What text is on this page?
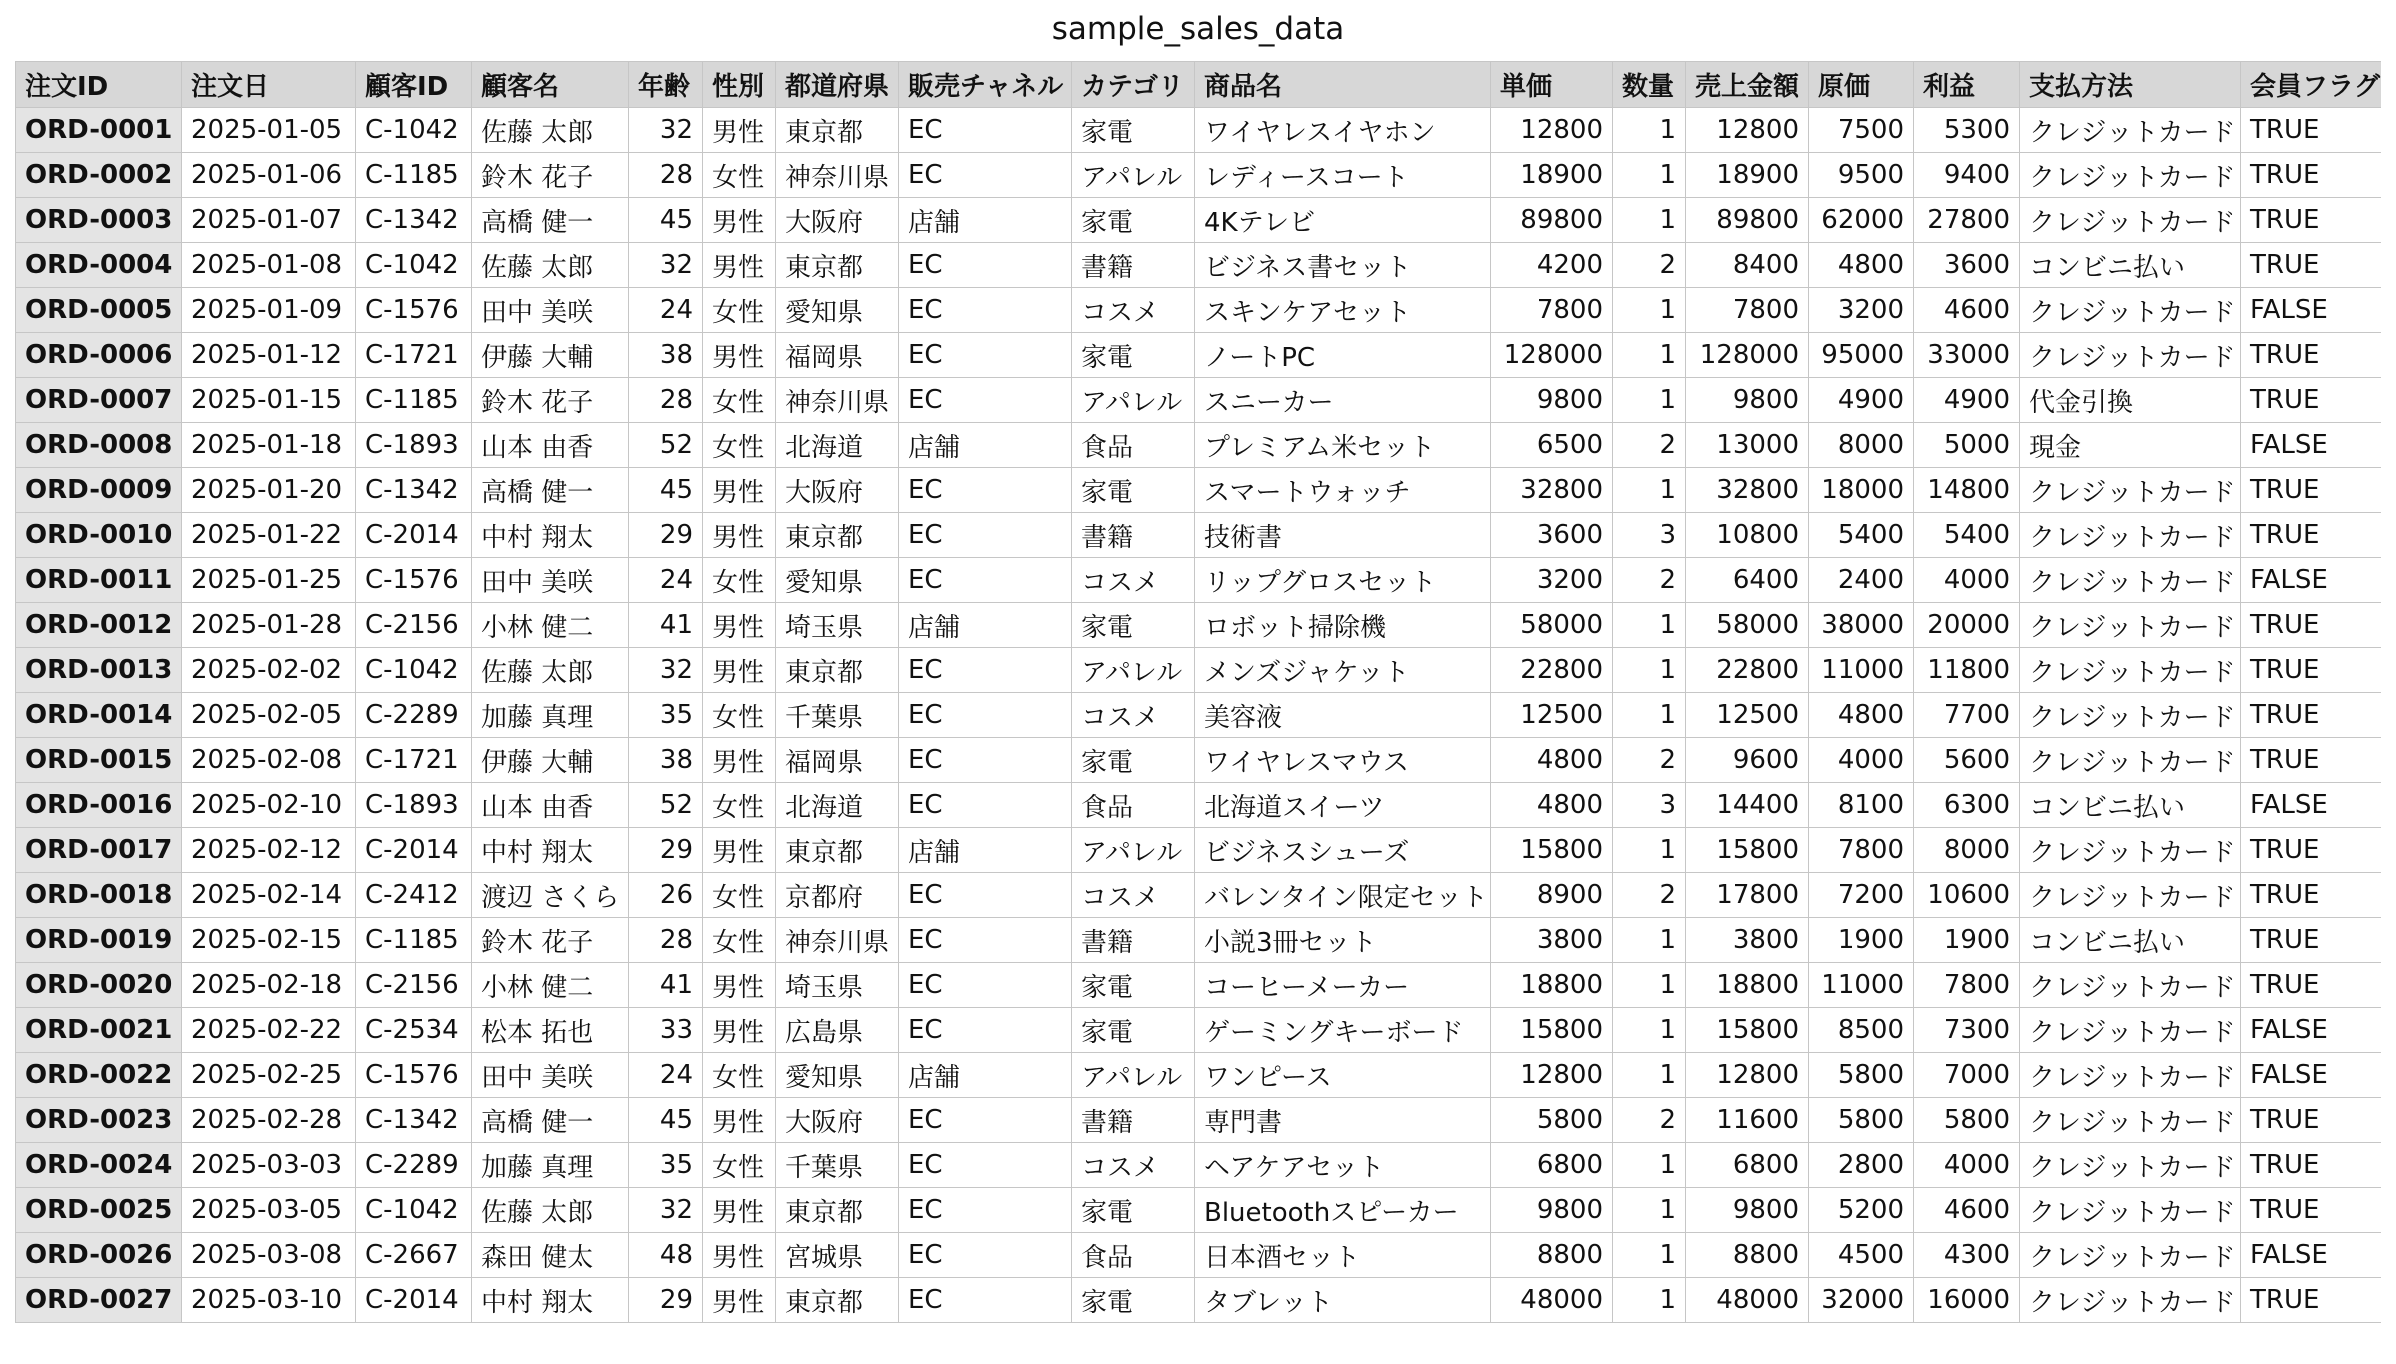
sample_sales_data
注文ID	注文日	顧客ID	顧客名	年齢	性別	都道府県	販売チャネル	カテゴリ	商品名	単価	数量	売上金額	原価	利益	支払方法	会員フラグ
ORD-0001	2025-01-05	C-1042	佐藤 太郎	32	男性	東京都	EC	家電	ワイヤレスイヤホン	12800	1	12800	7500	5300	クレジットカード	TRUE
ORD-0002	2025-01-06	C-1185	鈴木 花子	28	女性	神奈川県	EC	アパレル	レディースコート	18900	1	18900	9500	9400	クレジットカード	TRUE
ORD-0003	2025-01-07	C-1342	高橋 健一	45	男性	大阪府	店舗	家電	4Kテレビ	89800	1	89800	62000	27800	クレジットカード	TRUE
ORD-0004	2025-01-08	C-1042	佐藤 太郎	32	男性	東京都	EC	書籍	ビジネス書セット	4200	2	8400	4800	3600	コンビニ払い	TRUE
ORD-0005	2025-01-09	C-1576	田中 美咲	24	女性	愛知県	EC	コスメ	スキンケアセット	7800	1	7800	3200	4600	クレジットカード	FALSE
ORD-0006	2025-01-12	C-1721	伊藤 大輔	38	男性	福岡県	EC	家電	ノートPC	128000	1	128000	95000	33000	クレジットカード	TRUE
ORD-0007	2025-01-15	C-1185	鈴木 花子	28	女性	神奈川県	EC	アパレル	スニーカー	9800	1	9800	4900	4900	代金引換	TRUE
ORD-0008	2025-01-18	C-1893	山本 由香	52	女性	北海道	店舗	食品	プレミアム米セット	6500	2	13000	8000	5000	現金	FALSE
ORD-0009	2025-01-20	C-1342	高橋 健一	45	男性	大阪府	EC	家電	スマートウォッチ	32800	1	32800	18000	14800	クレジットカード	TRUE
ORD-0010	2025-01-22	C-2014	中村 翔太	29	男性	東京都	EC	書籍	技術書	3600	3	10800	5400	5400	クレジットカード	TRUE
ORD-0011	2025-01-25	C-1576	田中 美咲	24	女性	愛知県	EC	コスメ	リップグロスセット	3200	2	6400	2400	4000	クレジットカード	FALSE
ORD-0012	2025-01-28	C-2156	小林 健二	41	男性	埼玉県	店舗	家電	ロボット掃除機	58000	1	58000	38000	20000	クレジットカード	TRUE
ORD-0013	2025-02-02	C-1042	佐藤 太郎	32	男性	東京都	EC	アパレル	メンズジャケット	22800	1	22800	11000	11800	クレジットカード	TRUE
ORD-0014	2025-02-05	C-2289	加藤 真理	35	女性	千葉県	EC	コスメ	美容液	12500	1	12500	4800	7700	クレジットカード	TRUE
ORD-0015	2025-02-08	C-1721	伊藤 大輔	38	男性	福岡県	EC	家電	ワイヤレスマウス	4800	2	9600	4000	5600	クレジットカード	TRUE
ORD-0016	2025-02-10	C-1893	山本 由香	52	女性	北海道	EC	食品	北海道スイーツ	4800	3	14400	8100	6300	コンビニ払い	FALSE
ORD-0017	2025-02-12	C-2014	中村 翔太	29	男性	東京都	店舗	アパレル	ビジネスシューズ	15800	1	15800	7800	8000	クレジットカード	TRUE
ORD-0018	2025-02-14	C-2412	渡辺 さくら	26	女性	京都府	EC	コスメ	バレンタイン限定セット	8900	2	17800	7200	10600	クレジットカード	TRUE
ORD-0019	2025-02-15	C-1185	鈴木 花子	28	女性	神奈川県	EC	書籍	小説3冊セット	3800	1	3800	1900	1900	コンビニ払い	TRUE
ORD-0020	2025-02-18	C-2156	小林 健二	41	男性	埼玉県	EC	家電	コーヒーメーカー	18800	1	18800	11000	7800	クレジットカード	TRUE
ORD-0021	2025-02-22	C-2534	松本 拓也	33	男性	広島県	EC	家電	ゲーミングキーボード	15800	1	15800	8500	7300	クレジットカード	FALSE
ORD-0022	2025-02-25	C-1576	田中 美咲	24	女性	愛知県	店舗	アパレル	ワンピース	12800	1	12800	5800	7000	クレジットカード	FALSE
ORD-0023	2025-02-28	C-1342	高橋 健一	45	男性	大阪府	EC	書籍	専門書	5800	2	11600	5800	5800	クレジットカード	TRUE
ORD-0024	2025-03-03	C-2289	加藤 真理	35	女性	千葉県	EC	コスメ	ヘアケアセット	6800	1	6800	2800	4000	クレジットカード	TRUE
ORD-0025	2025-03-05	C-1042	佐藤 太郎	32	男性	東京都	EC	家電	Bluetoothスピーカー	9800	1	9800	5200	4600	クレジットカード	TRUE
ORD-0026	2025-03-08	C-2667	森田 健太	48	男性	宮城県	EC	食品	日本酒セット	8800	1	8800	4500	4300	クレジットカード	FALSE
ORD-0027	2025-03-10	C-2014	中村 翔太	29	男性	東京都	EC	家電	タブレット	48000	1	48000	32000	16000	クレジットカード	TRUE
